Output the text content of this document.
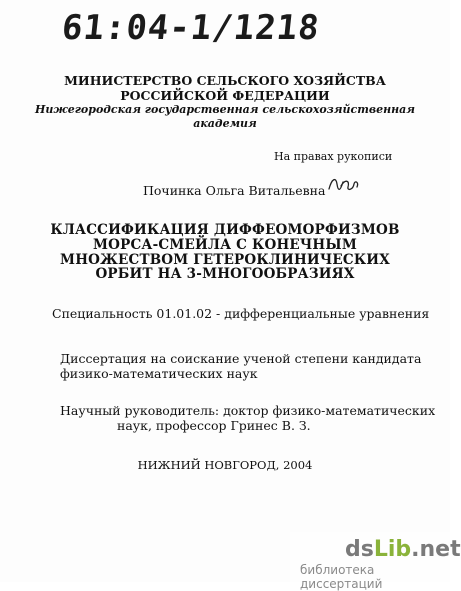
61:04-1/1218
МИНИСТЕРСТВО СЕЛЬСКОГО ХОЗЯЙСТВА
РОССИЙСКОЙ ФЕДЕРАЦИИ
Нижегородская государственная сельскохозяйственная
академия
На правах рукописи
Починка Ольга Витальевна
КЛАССИФИКАЦИЯ ДИФФЕОМОРФИЗМОВ
МОРСА-СМЕЙЛА С КОНЕЧНЫМ
МНОЖЕСТВОМ ГЕТЕРОКЛИНИЧЕСКИХ
ОРБИТ НА 3-МНОГООБРАЗИЯХ
Специальность 01.01.02 - дифференциальные уравнения
Диссертация на соискание ученой степени кандидата
физико-математических наук
Научный руководитель: доктор физико-математических
наук, профессор Гринес В. З.
НИЖНИЙ НОВГОРОД, 2004
dsLib.net
библиотека диссертаций
